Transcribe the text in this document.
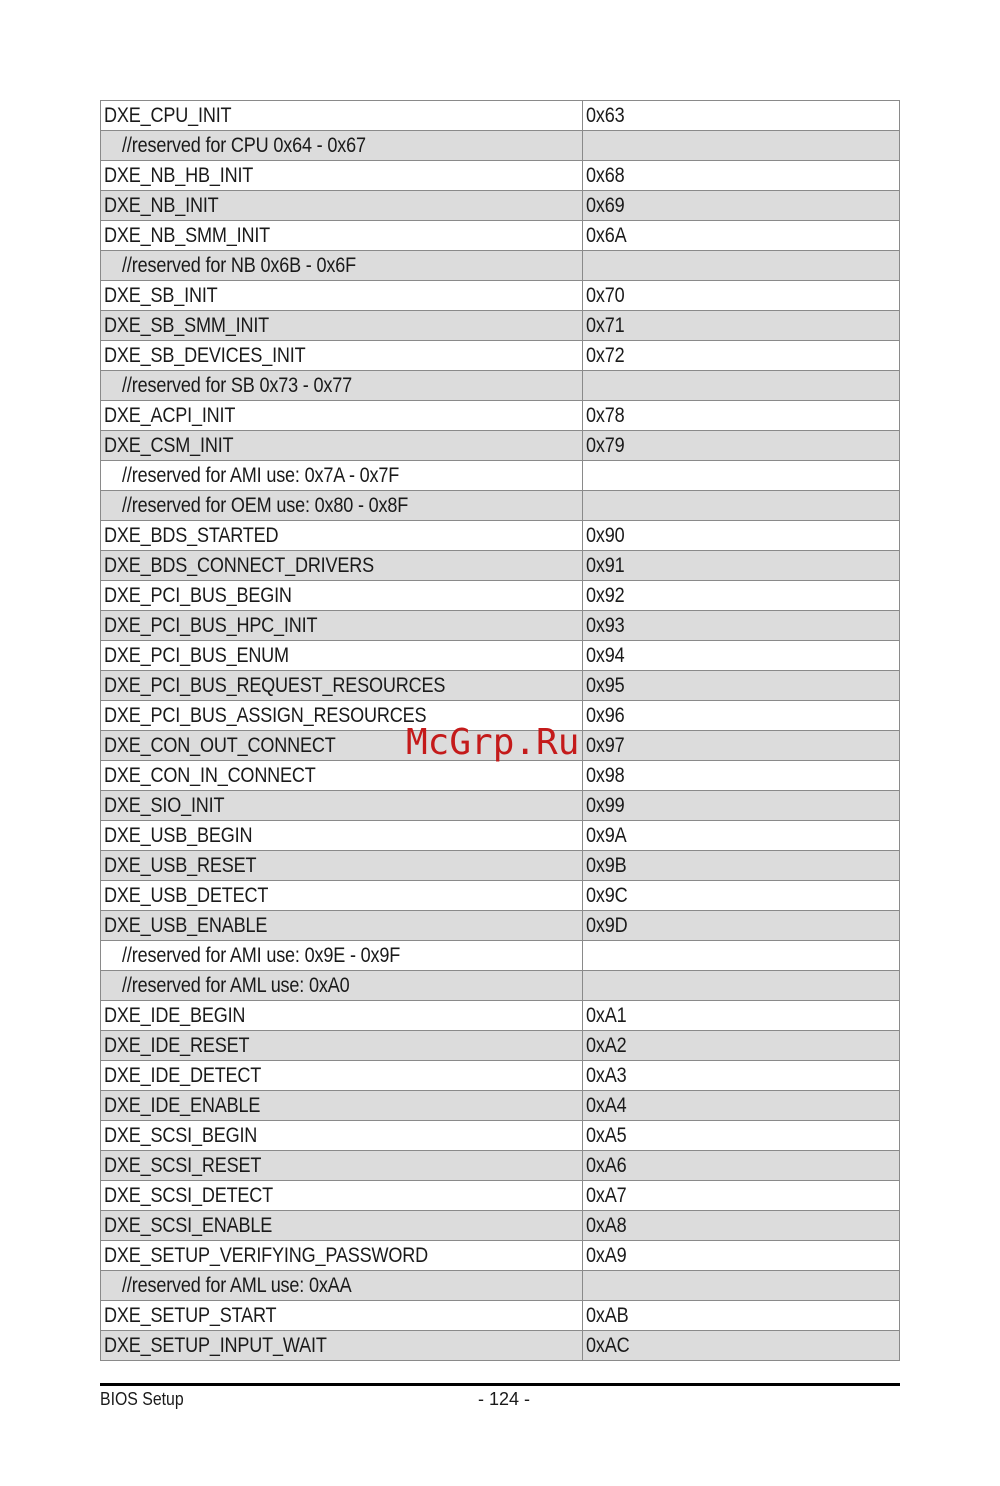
DXE_CPU_INIT	0x63
//reserved for CPU 0x64 - 0x67	
DXE_NB_HB_INIT	0x68
DXE_NB_INIT	0x69
DXE_NB_SMM_INIT	0x6A
//reserved for NB 0x6B - 0x6F	
DXE_SB_INIT	0x70
DXE_SB_SMM_INIT	0x71
DXE_SB_DEVICES_INIT	0x72
//reserved for SB 0x73 - 0x77	
DXE_ACPI_INIT	0x78
DXE_CSM_INIT	0x79
//reserved for AMI use: 0x7A - 0x7F	
//reserved for OEM use: 0x80 - 0x8F	
DXE_BDS_STARTED	0x90
DXE_BDS_CONNECT_DRIVERS	0x91
DXE_PCI_BUS_BEGIN	0x92
DXE_PCI_BUS_HPC_INIT	0x93
DXE_PCI_BUS_ENUM	0x94
DXE_PCI_BUS_REQUEST_RESOURCES	0x95
DXE_PCI_BUS_ASSIGN_RESOURCES	0x96
DXE_CON_OUT_CONNECT	0x97
DXE_CON_IN_CONNECT	0x98
DXE_SIO_INIT	0x99
DXE_USB_BEGIN	0x9A
DXE_USB_RESET	0x9B
DXE_USB_DETECT	0x9C
DXE_USB_ENABLE	0x9D
//reserved for AMI use: 0x9E - 0x9F	
//reserved for AML use: 0xA0	
DXE_IDE_BEGIN	0xA1
DXE_IDE_RESET	0xA2
DXE_IDE_DETECT	0xA3
DXE_IDE_ENABLE	0xA4
DXE_SCSI_BEGIN	0xA5
DXE_SCSI_RESET	0xA6
DXE_SCSI_DETECT	0xA7
DXE_SCSI_ENABLE	0xA8
DXE_SETUP_VERIFYING_PASSWORD	0xA9
//reserved for AML use: 0xAA	
DXE_SETUP_START	0xAB
DXE_SETUP_INPUT_WAIT	0xAC
McGrp.Ru
BIOS Setup	- 124 -
